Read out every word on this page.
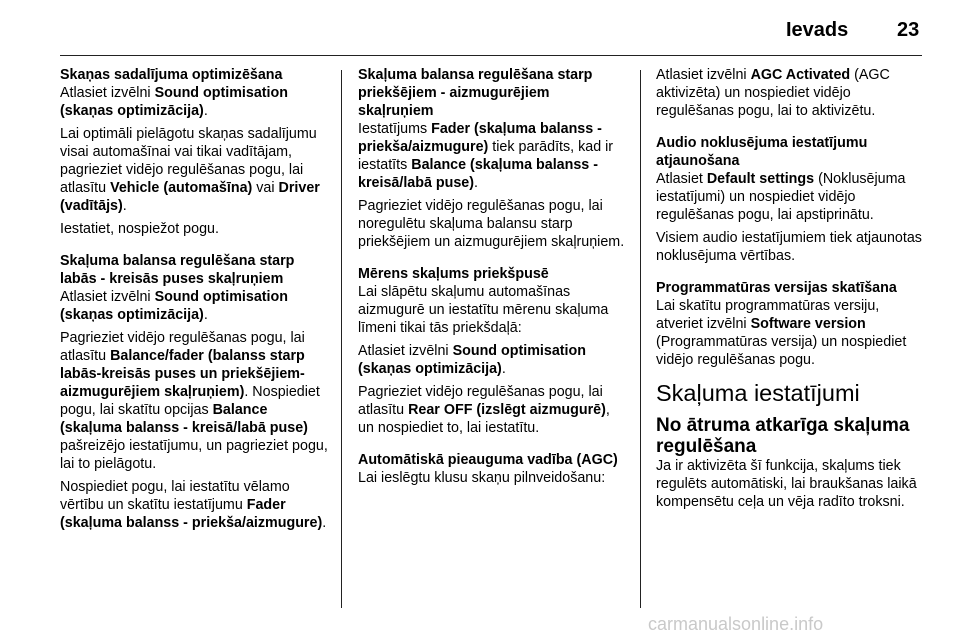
Ievads 23
Skaņas sadalījuma optimizēšana

Atlasiet izvēlni Sound optimisation (skaņas optimizācija).

Lai optimāli pielāgotu skaņas sadalījumu visai automašīnai vai tikai vadītājam, pagrieziet vidējo regulēšanas pogu, lai atlasītu Vehicle (automašīna) vai Driver (vadītājs).

Iestatiet, nospiežot pogu.

Skaļuma balansa regulēšana starp labās - kreisās puses skaļruņiem

Atlasiet izvēlni Sound optimisation (skaņas optimizācija).

Pagrieziet vidējo regulēšanas pogu, lai atlasītu Balance/fader (balanss starp labās-kreisās puses un priekšējiem-aizmugurējiem skaļruņiem). Nospiediet pogu, lai skatītu opcijas Balance (skaļuma balanss - kreisā/labā puse) pašreizējo iestatījumu, un pagrieziet pogu, lai to pielāgotu.

Nospiediet pogu, lai iestatītu vēlamo vērtību un skatītu iestatījumu Fader (skaļuma balanss - priekša/aizmugure).

Skaļuma balansa regulēšana starp priekšējiem - aizmugurējiem skaļruņiem

Iestatījums Fader (skaļuma balanss - priekša/aizmugure) tiek parādīts, kad ir iestatīts Balance (skaļuma balanss - kreisā/labā puse).

Pagrieziet vidējo regulēšanas pogu, lai noregulētu skaļuma balansu starp priekšējiem un aizmugurējiem skaļruņiem.

Mērens skaļums priekšpusē

Lai slāpētu skaļumu automašīnas aizmugurē un iestatītu mērenu skaļuma līmeni tikai tās priekšdaļā:

Atlasiet izvēlni Sound optimisation (skaņas optimizācija).

Pagrieziet vidējo regulēšanas pogu, lai atlasītu Rear OFF (izslēgt aizmugurē), un nospiediet to, lai iestatītu.

Automātiskā pieauguma vadība (AGC)

Lai ieslēgtu klusu skaņu pilnveidošanu:

Atlasiet izvēlni AGC Activated (AGC aktivizēta) un nospiediet vidējo regulēšanas pogu, lai to aktivizētu.

Audio noklusējuma iestatījumu atjaunošana

Atlasiet Default settings (Noklusējuma iestatījumi) un nospiediet vidējo regulēšanas pogu, lai apstiprinātu.

Visiem audio iestatījumiem tiek atjaunotas noklusējuma vērtības.

Programmatūras versijas skatīšana

Lai skatītu programmatūras versiju, atveriet izvēlni Software version (Programmatūras versija) un nospiediet vidējo regulēšanas pogu.

Skaļuma iestatījumi
No ātruma atkarīga skaļuma regulēšana

Ja ir aktivizēta šī funkcija, skaļums tiek regulēts automātiski, lai braukšanas laikā kompensētu ceļa un vēja radīto troksni.

carmanualsonline.info
